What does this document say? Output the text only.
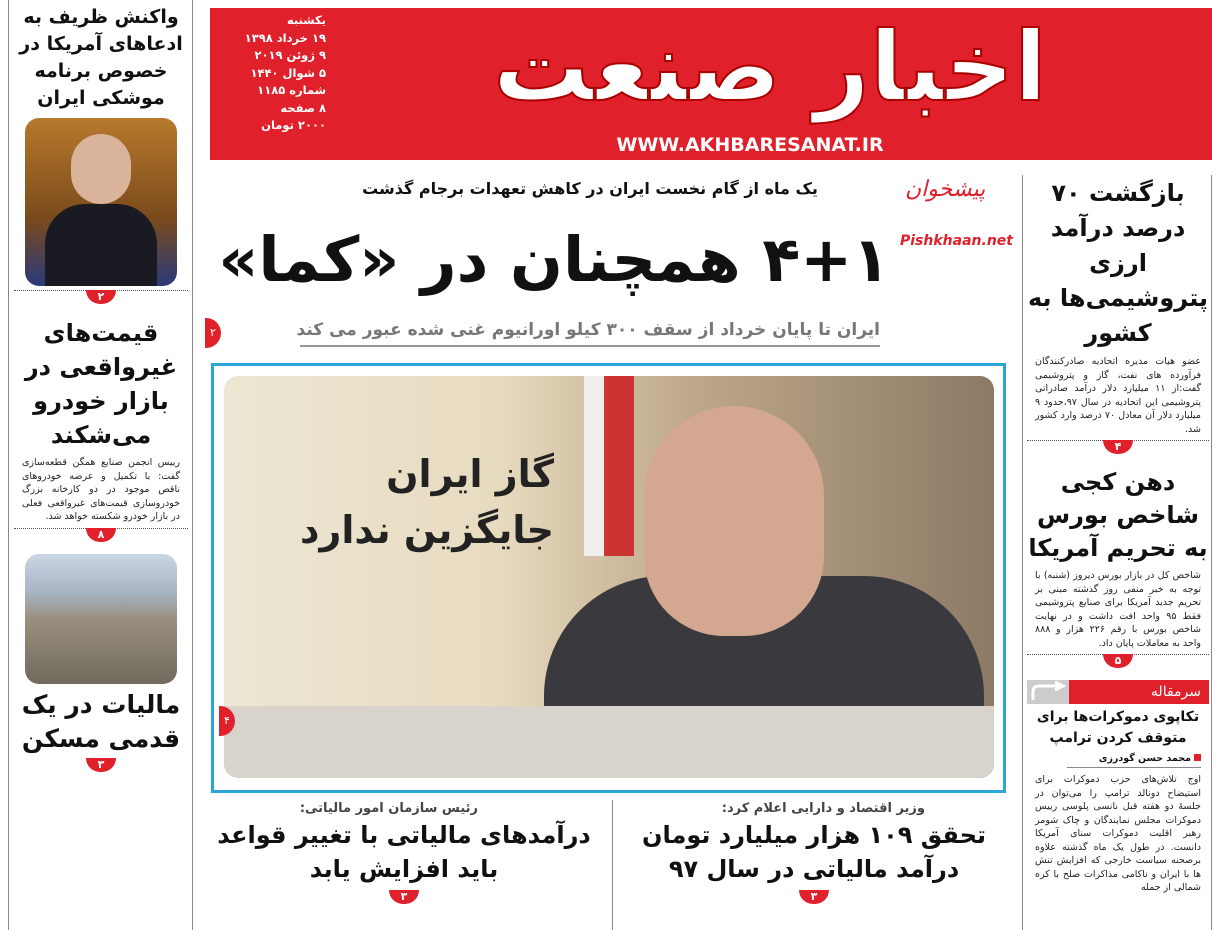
یکشنبه
۱۹ خرداد ۱۳۹۸
۹ ژوئن ۲۰۱۹
۵ شوال ۱۴۴۰
شماره ۱۱۸۵
۸ صفحه
۲۰۰۰ تومان
اخبار صنعت
WWW.AKHBARESANAT.IR
پیشخوان
Pishkhaan.net
یک ماه از گام نخست ایران در کاهش تعهدات برجام گذشت
۴+۱ همچنان در «کما»
ایران تا پایان خرداد از سقف ۳۰۰ کیلو اورانیوم غنی شده عبور می کند
۲
گاز ایران
جایگزین ندارد
۴
وزیر اقتصاد و دارایی اعلام کرد:
تحقق ۱۰۹ هزار میلیارد تومان
درآمد مالیاتی در سال ۹۷
۳
رئیس سازمان امور مالیاتی:
درآمدهای مالیاتی با تغییر قواعد
باید افزایش یابد
۳
واکنش ظریف به ادعاهای آمریکا در خصوص برنامه موشکی ایران
۲
قیمت‌های غیرواقعی در بازار خودرو می‌شکند
رییس انجمن صنایع همگن قطعه‌سازی گفت: با تکمیل و عرضه خودروهای ناقص موجود در دو کارخانه بزرگ خودروسازی قیمت‌های غیرواقعی فعلی در بازار خودرو شکسته خواهد شد.
۸
مالیات در یک قدمی مسکن
۳
بازگشت ۷۰ درصد درآمد ارزی پتروشیمی‌ها به کشور
عضو هیات مدیره اتحادیه صادرکنندگان فرآورده های نفت، گاز و پتروشیمی گفت:از ۱۱ میلیارد دلار درآمد صادراتی پتروشیمی این اتحادیه در سال ۹۷،حدود ۹ میلیارد دلار آن معادل ۷۰ درصد وارد کشور شد.
۴
دهن کجی شاخص بورس به تحریم آمریکا
شاخص کل در بازار بورس دیروز (شنبه) با توجه به خبر منفی روز گذشته مبنی بر تحریم جدید آمریکا برای صنایع پتروشیمی فقط ۹۵ واحد افت داشت و در نهایت شاخص بورس با رقم ۲۲۶ هزار و ۸۸۸ واحد به معاملات پایان داد.
۵
سرمقاله
تکاپوی دموکرات‌ها برای متوقف کردن ترامپ
محمد حسن گودرزی
اوج تلاش‌های حزب دموکرات برای استیضاح دونالد ترامپ را می‌توان در جلسهٔ دو هفته قبل نانسی پلوسی رییس دموکرات مجلس نمایندگان و چاک شومر رهبر اقلیت دموکرات سنای آمریکا دانست. در طول یک ماه گذشته علاوه برصحنه سیاست خارجی که افزایش تنش ها با ایران و ناکامی مذاکرات صلح با کره شمالی از جمله
